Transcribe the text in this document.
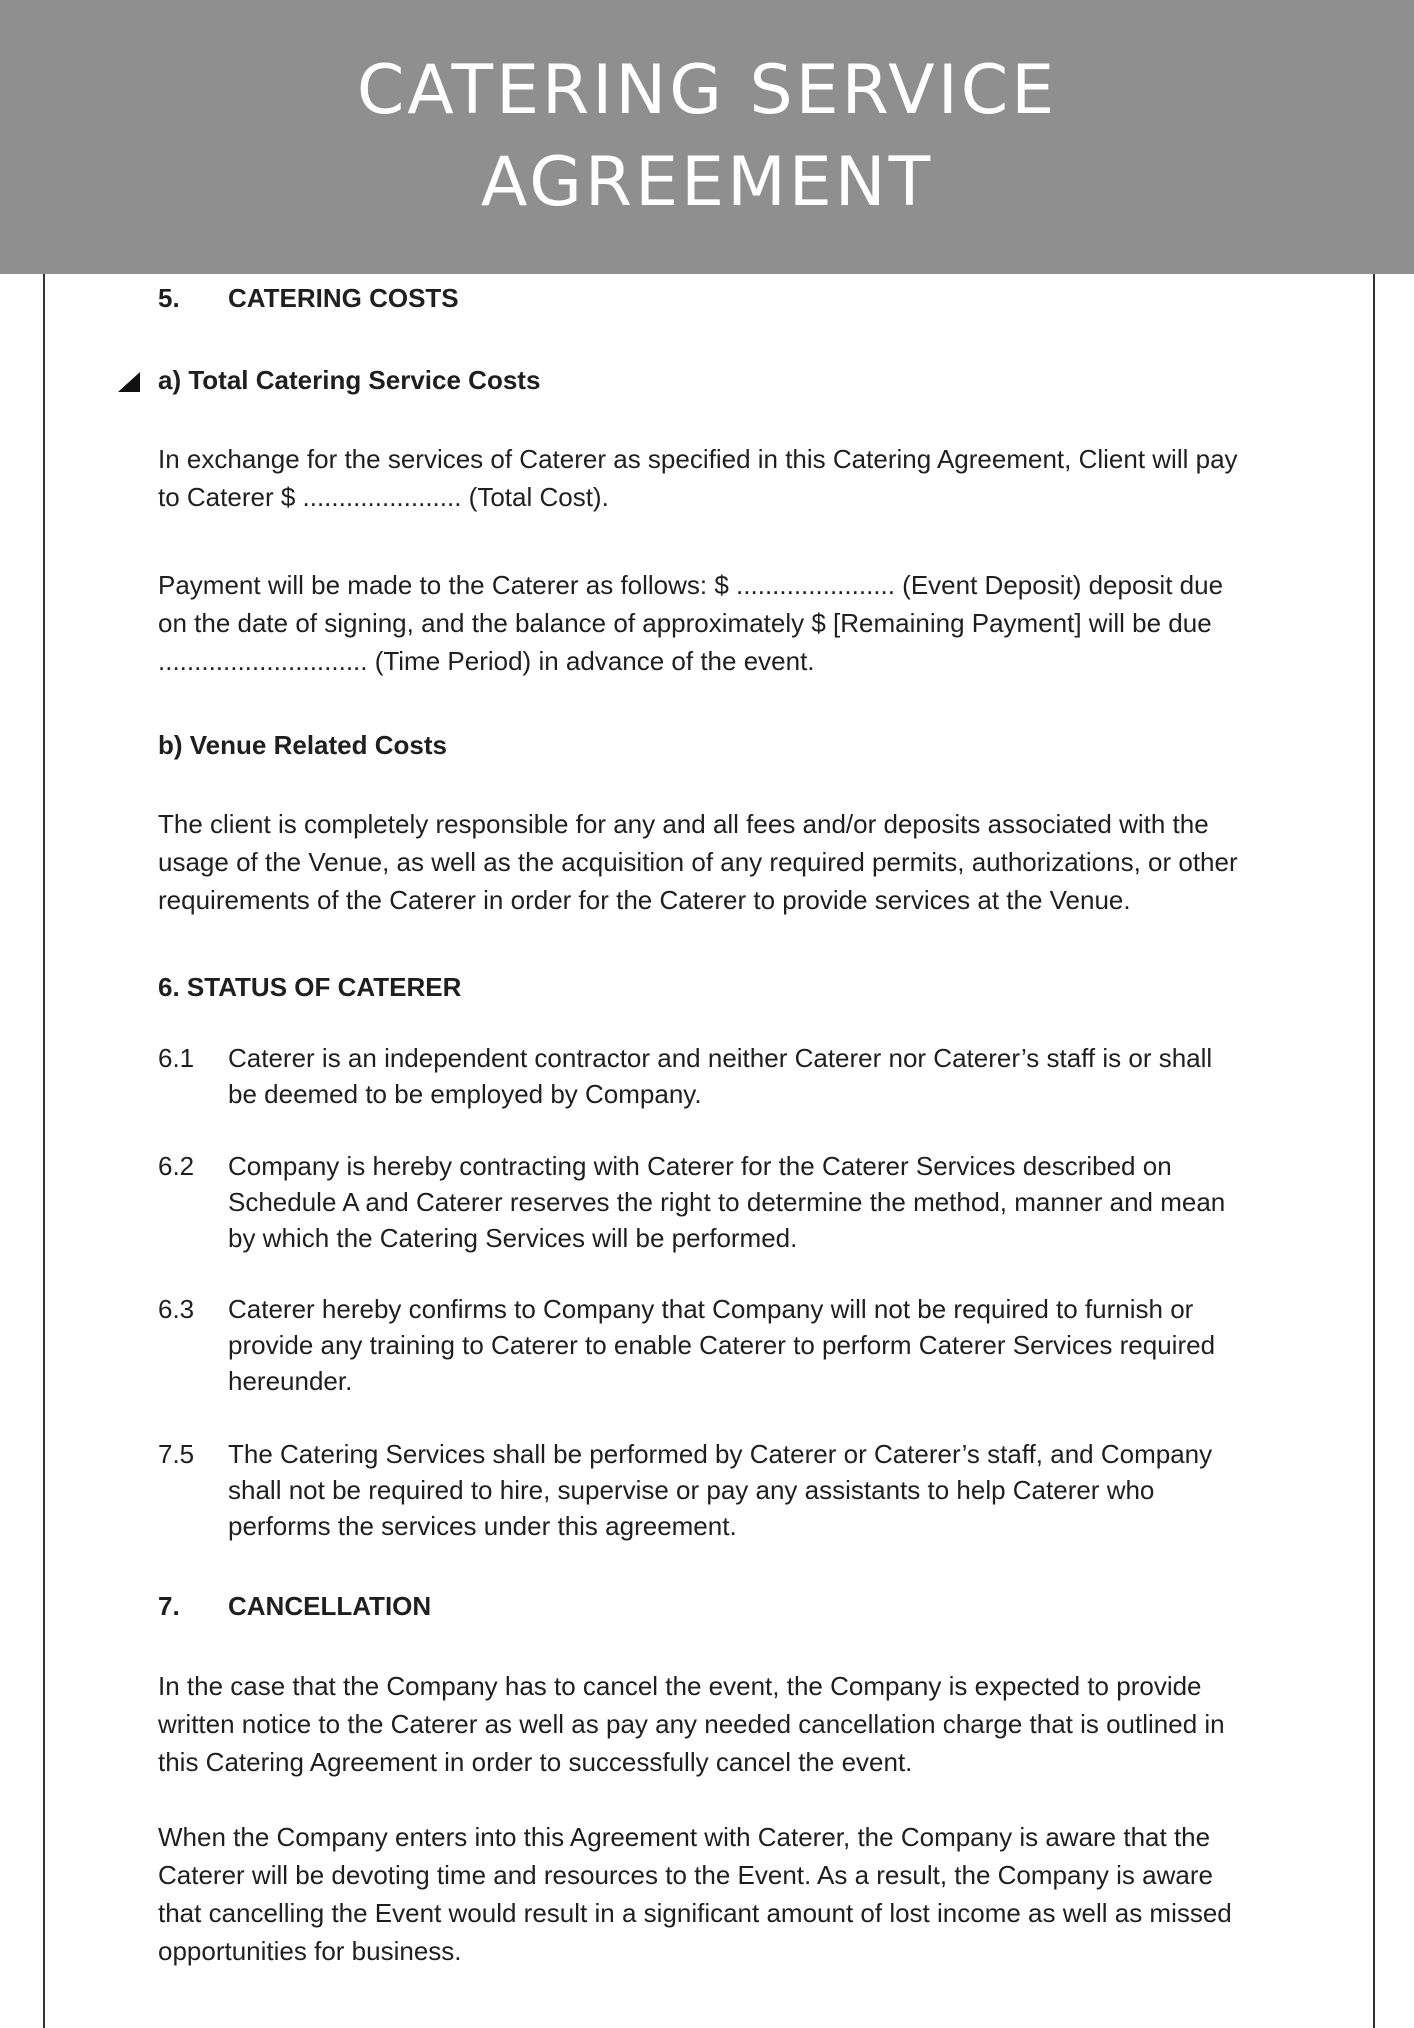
CATERING SERVICE
AGREEMENT
5. CATERING COSTS
a) Total Catering Service Costs
In exchange for the services of Caterer as specified in this Catering Agreement, Client will pay to Caterer $ ...................... (Total Cost).
Payment will be made to the Caterer as follows: $ ...................... (Event Deposit) deposit due on the date of signing, and the balance of approximately $ [Remaining Payment] will be due ............................. (Time Period) in advance of the event.
b) Venue Related Costs
The client is completely responsible for any and all fees and/or deposits associated with the usage of the Venue, as well as the acquisition of any required permits, authorizations, or other requirements of the Caterer in order for the Caterer to provide services at the Venue.
6. STATUS OF CATERER
6.1	Caterer is an independent contractor and neither Caterer nor Caterer’s staff is or shall be deemed to be employed by Company.
6.2	Company is hereby contracting with Caterer for the Caterer Services described on Schedule A and Caterer reserves the right to determine the method, manner and mean by which the Catering Services will be performed.
6.3	Caterer hereby confirms to Company that Company will not be required to furnish or provide any training to Caterer to enable Caterer to perform Caterer Services required hereunder.
7.5	The Catering Services shall be performed by Caterer or Caterer’s staff, and Company shall not be required to hire, supervise or pay any assistants to help Caterer who performs the services under this agreement.
7. CANCELLATION
In the case that the Company has to cancel the event, the Company is expected to provide written notice to the Caterer as well as pay any needed cancellation charge that is outlined in this Catering Agreement in order to successfully cancel the event.
When the Company enters into this Agreement with Caterer, the Company is aware that the Caterer will be devoting time and resources to the Event. As a result, the Company is aware that cancelling the Event would result in a significant amount of lost income as well as missed opportunities for business.
